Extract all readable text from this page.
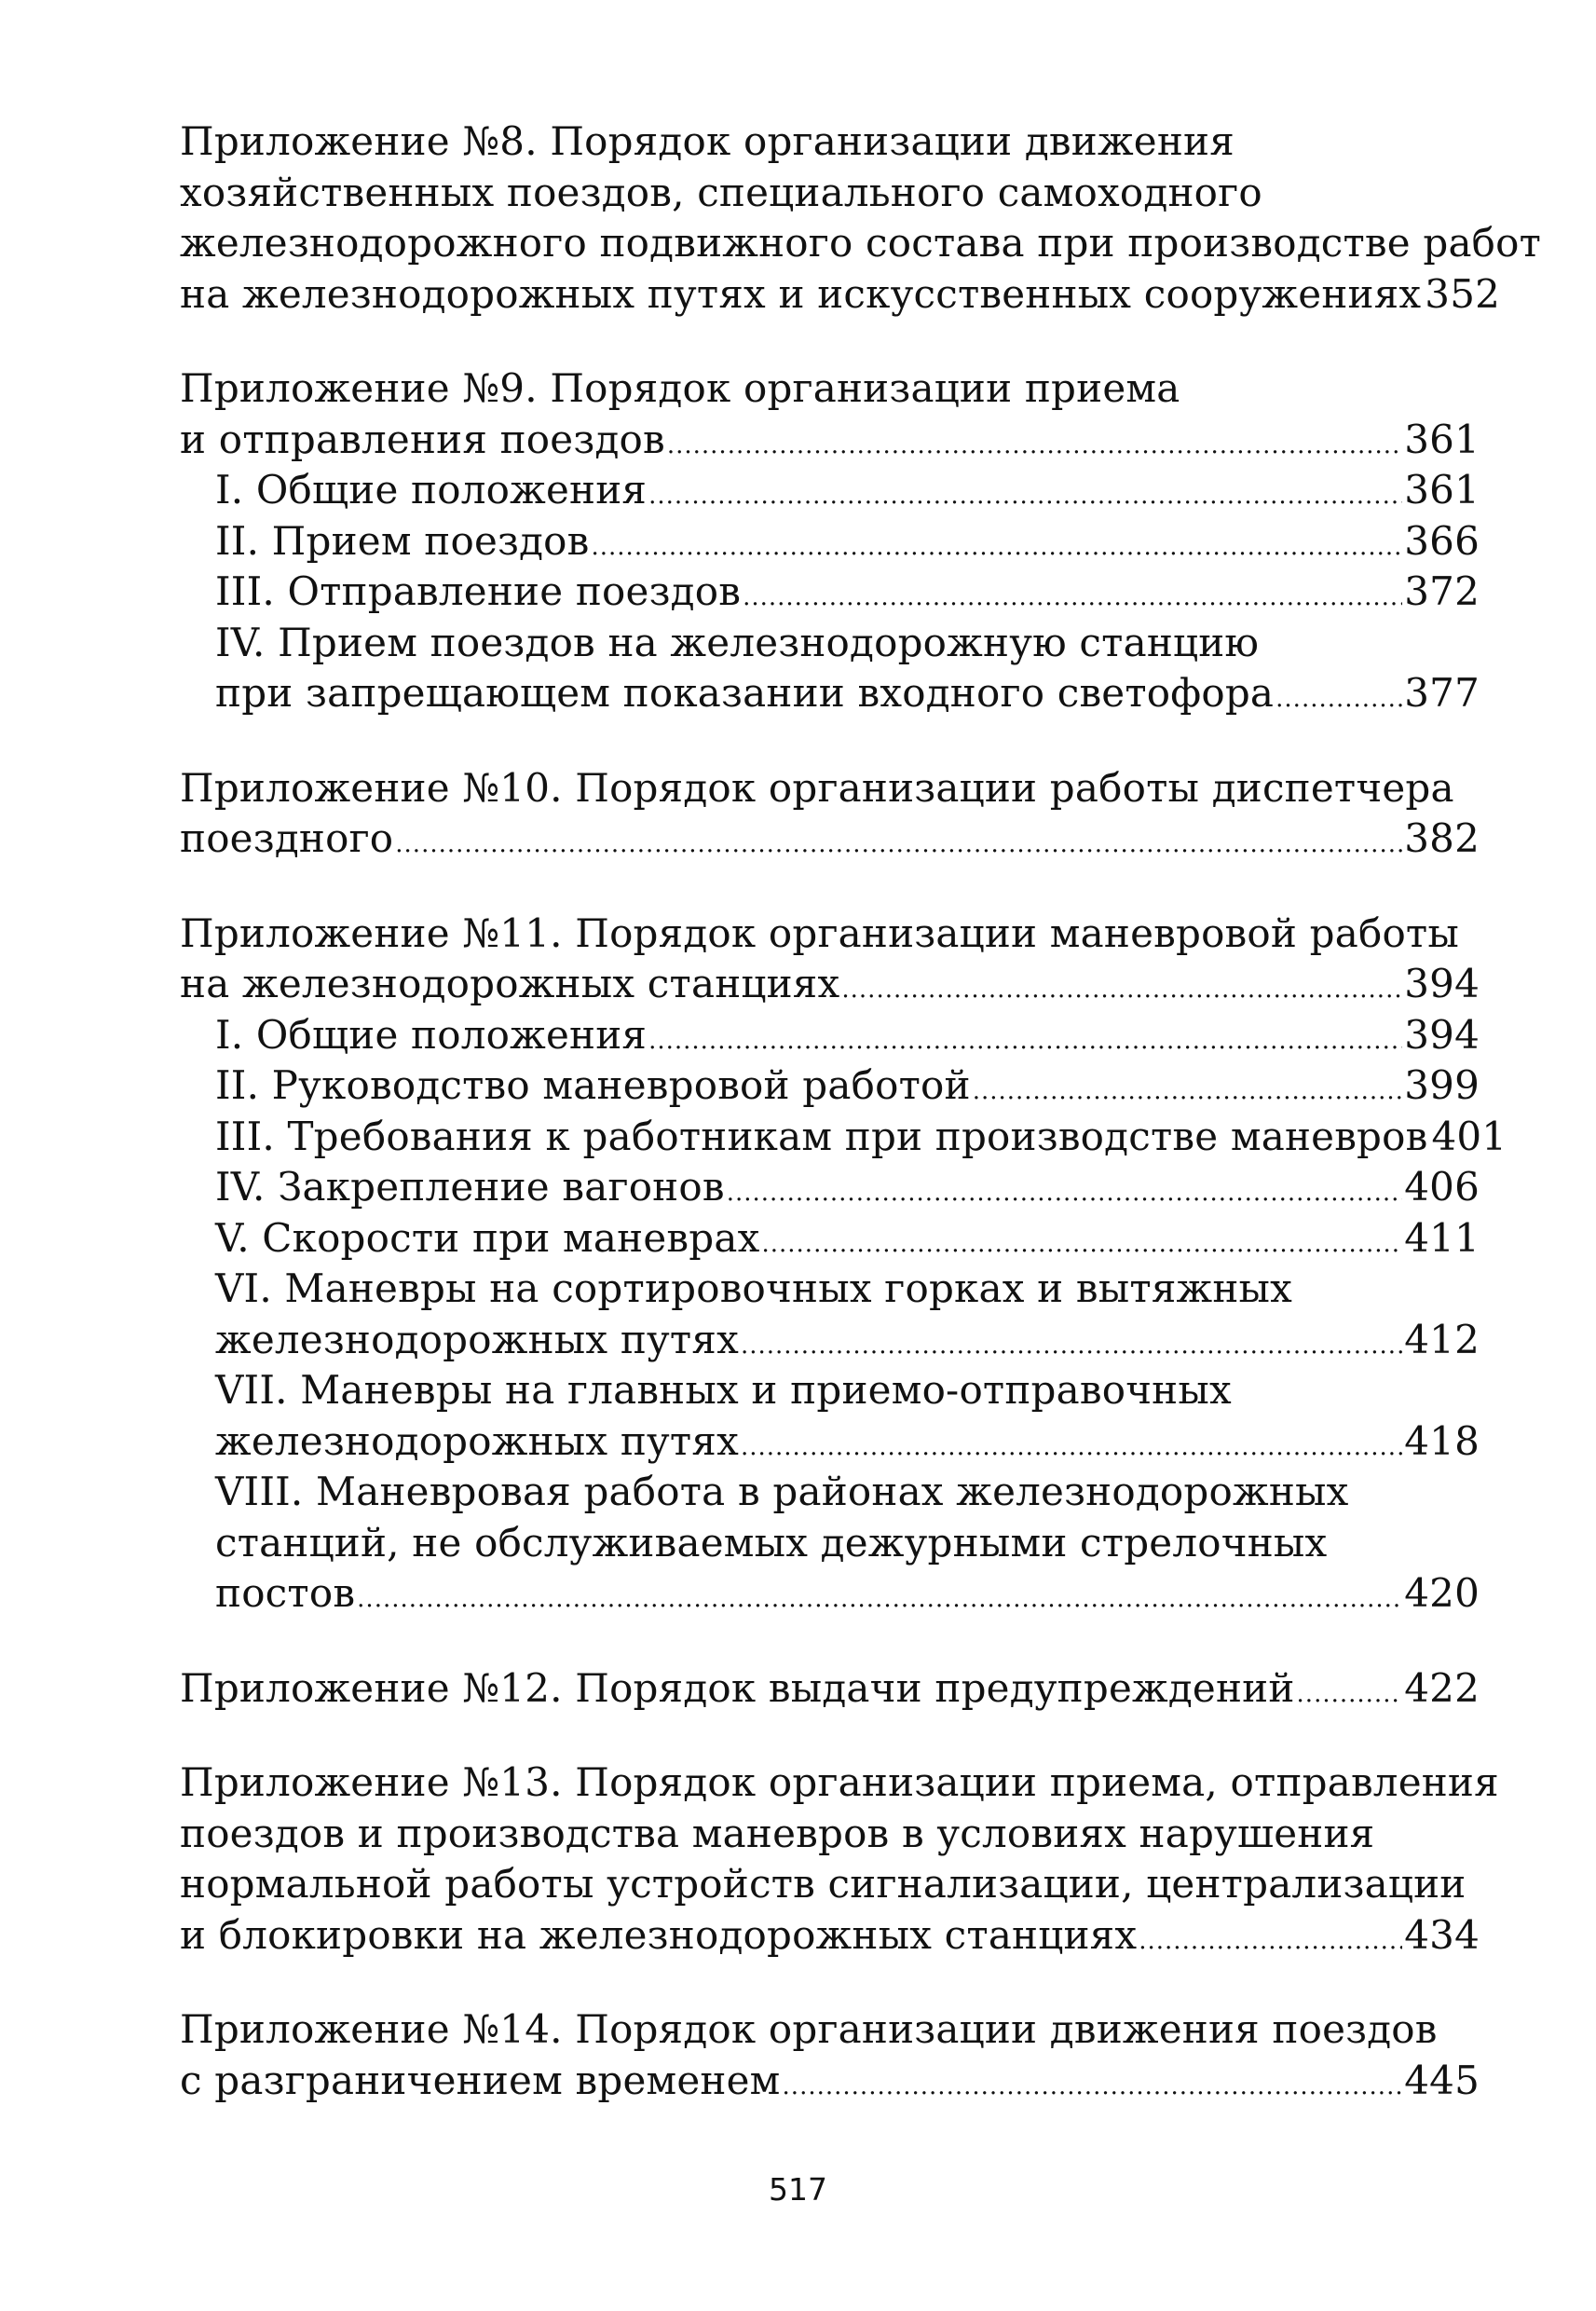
Приложение №8. Порядок организации движения
хозяйственных поездов, специального самоходного
железнодорожного подвижного состава при производстве работ
на железнодорожных путях и искусственных сооружениях 352
Приложение №9. Порядок организации приема
и отправления поездов .....	361
I. Общие положения .....	361
II. Прием поездов .....	366
III. Отправление поездов .....	372
IV. Прием поездов на железнодорожную станцию
при запрещающем показании входного светофора .....	377
Приложение №10. Порядок организации работы диспетчера
поездного .....	382
Приложение №11. Порядок организации маневровой работы
на железнодорожных станциях .....	394
I. Общие положения .....	394
II. Руководство маневровой работой .....	399
III. Требования к работникам при производстве маневров 401
IV. Закрепление вагонов .....	406
V. Скорости при маневрах .....	411
VI. Маневры на сортировочных горках и вытяжных
железнодорожных путях .....	412
VII. Маневры на главных и приемо-отправочных
железнодорожных путях .....	418
VIII. Маневровая работа в районах железнодорожных
станций, не обслуживаемых дежурными стрелочных
постов .....	420
Приложение №12. Порядок выдачи предупреждений .....	422
Приложение №13. Порядок организации приема, отправления
поездов и производства маневров в условиях нарушения
нормальной работы устройств сигнализации, централизации
и блокировки на железнодорожных станциях .....	434
Приложение №14. Порядок организации движения поездов
с разграничением временем .....	445
517
